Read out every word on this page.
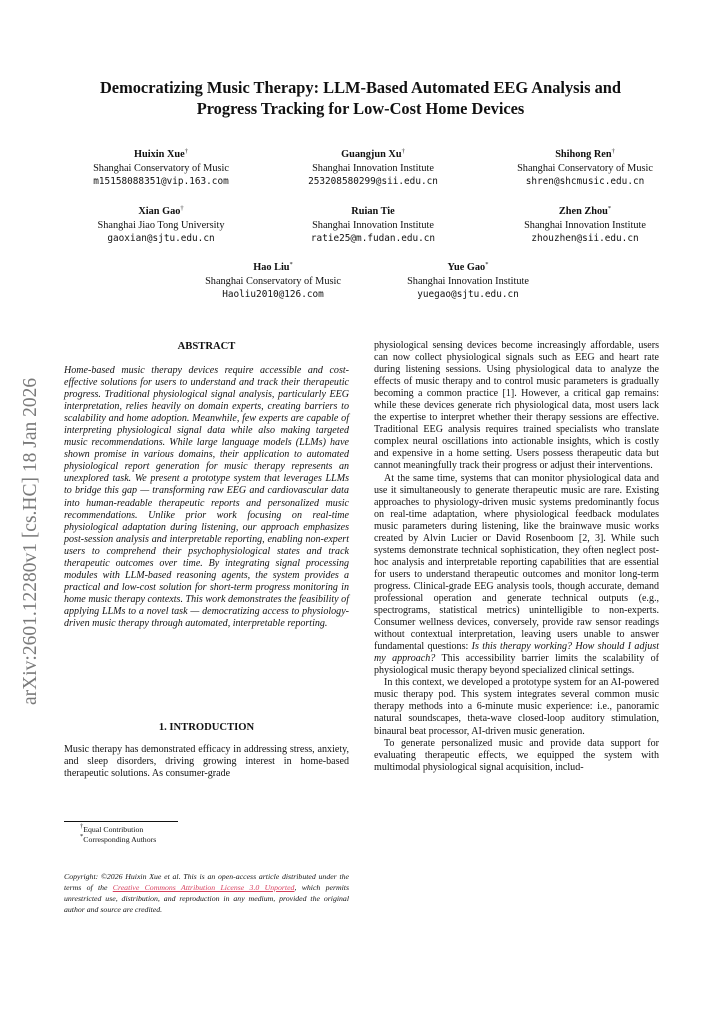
arXiv:2601.12280v1 [cs.HC] 18 Jan 2026
Democratizing Music Therapy: LLM-Based Automated EEG Analysis and
Progress Tracking for Low-Cost Home Devices
Huixin Xue†
Shanghai Conservatory of Music
m15158088351@vip.163.com
Guangjun Xu†
Shanghai Innovation Institute
253208580299@sii.edu.cn
Shihong Ren†
Shanghai Conservatory of Music
shren@shcmusic.edu.cn
Xian Gao†
Shanghai Jiao Tong University
gaoxian@sjtu.edu.cn
Ruian Tie
Shanghai Innovation Institute
ratie25@m.fudan.edu.cn
Zhen Zhou*
Shanghai Innovation Institute
zhouzhen@sii.edu.cn
Hao Liu*
Shanghai Conservatory of Music
Haoliu2010@126.com
Yue Gao*
Shanghai Innovation Institute
yuegao@sjtu.edu.cn
ABSTRACT

Home-based music therapy devices require accessible and cost-effective solutions for users to understand and track their therapeutic progress. Traditional physiological signal analysis, particularly EEG interpretation, relies heavily on domain experts, creating barriers to scalability and home adoption. Meanwhile, few experts are capable of interpreting physiological signal data while also making targeted music recommendations. While large language models (LLMs) have shown promise in various domains, their application to automated physiological report generation for music therapy represents an unexplored task. We present a prototype system that leverages LLMs to bridge this gap — transforming raw EEG and cardiovascular data into human-readable therapeutic reports and personalized music recommendations. Unlike prior work focusing on real-time physiological adaptation during listening, our approach emphasizes post-session analysis and interpretable reporting, enabling non-expert users to comprehend their psychophysiological states and track therapeutic outcomes over time. By integrating signal processing modules with LLM-based reasoning agents, the system provides a practical and low-cost solution for short-term progress monitoring in home music therapy contexts. This work demonstrates the feasibility of applying LLMs to a novel task — democratizing access to physiology-driven music therapy through automated, interpretable reporting.

1. INTRODUCTION

Music therapy has demonstrated efficacy in addressing stress, anxiety, and sleep disorders, driving growing interest in home-based therapeutic solutions. As consumer-grade

†Equal Contribution
*Corresponding Authors
Copyright: ©2026 Huixin Xue et al. This is an open-access article distributed under the terms of the Creative Commons Attribution License 3.0 Unported, which permits unrestricted use, distribution, and reproduction in any medium, provided the original author and source are credited.

physiological sensing devices become increasingly affordable, users can now collect physiological signals such as EEG and heart rate during listening sessions. Using physiological data to analyze the effects of music therapy and to control music parameters is gradually becoming a common practice [1]. However, a critical gap remains: while these devices generate rich physiological data, most users lack the expertise to interpret whether their therapy sessions are effective. Traditional EEG analysis requires trained specialists who translate complex neural oscillations into actionable insights, which is costly and expensive in a home setting. Users possess therapeutic data but cannot meaningfully track their progress or adjust their interventions.

At the same time, systems that can monitor physiological data and use it simultaneously to generate therapeutic music are rare. Existing approaches to physiology-driven music systems predominantly focus on real-time adaptation, where physiological feedback modulates music parameters during listening, like the brainwave music works created by Alvin Lucier or David Rosenboom [2, 3]. While such systems demonstrate technical sophistication, they often neglect post-hoc analysis and interpretable reporting capabilities that are essential for users to understand therapeutic outcomes and monitor long-term progress. Clinical-grade EEG analysis tools, though accurate, demand professional operation and generate technical outputs (e.g., spectrograms, statistical metrics) unintelligible to non-experts. Consumer wellness devices, conversely, provide raw sensor readings without contextual interpretation, leaving users unable to answer fundamental questions: Is this therapy working? How should I adjust my approach? This accessibility barrier limits the scalability of physiological music therapy beyond specialized clinical settings.

In this context, we developed a prototype system for an AI-powered music therapy pod. This system integrates several common music therapy methods into a 6-minute music experience: i.e., panoramic natural soundscapes, theta-wave closed-loop auditory stimulation, binaural beat processor, AI-driven music generation.

To generate personalized music and provide data support for evaluating therapeutic effects, we equipped the system with multimodal physiological signal acquisition, includ-
